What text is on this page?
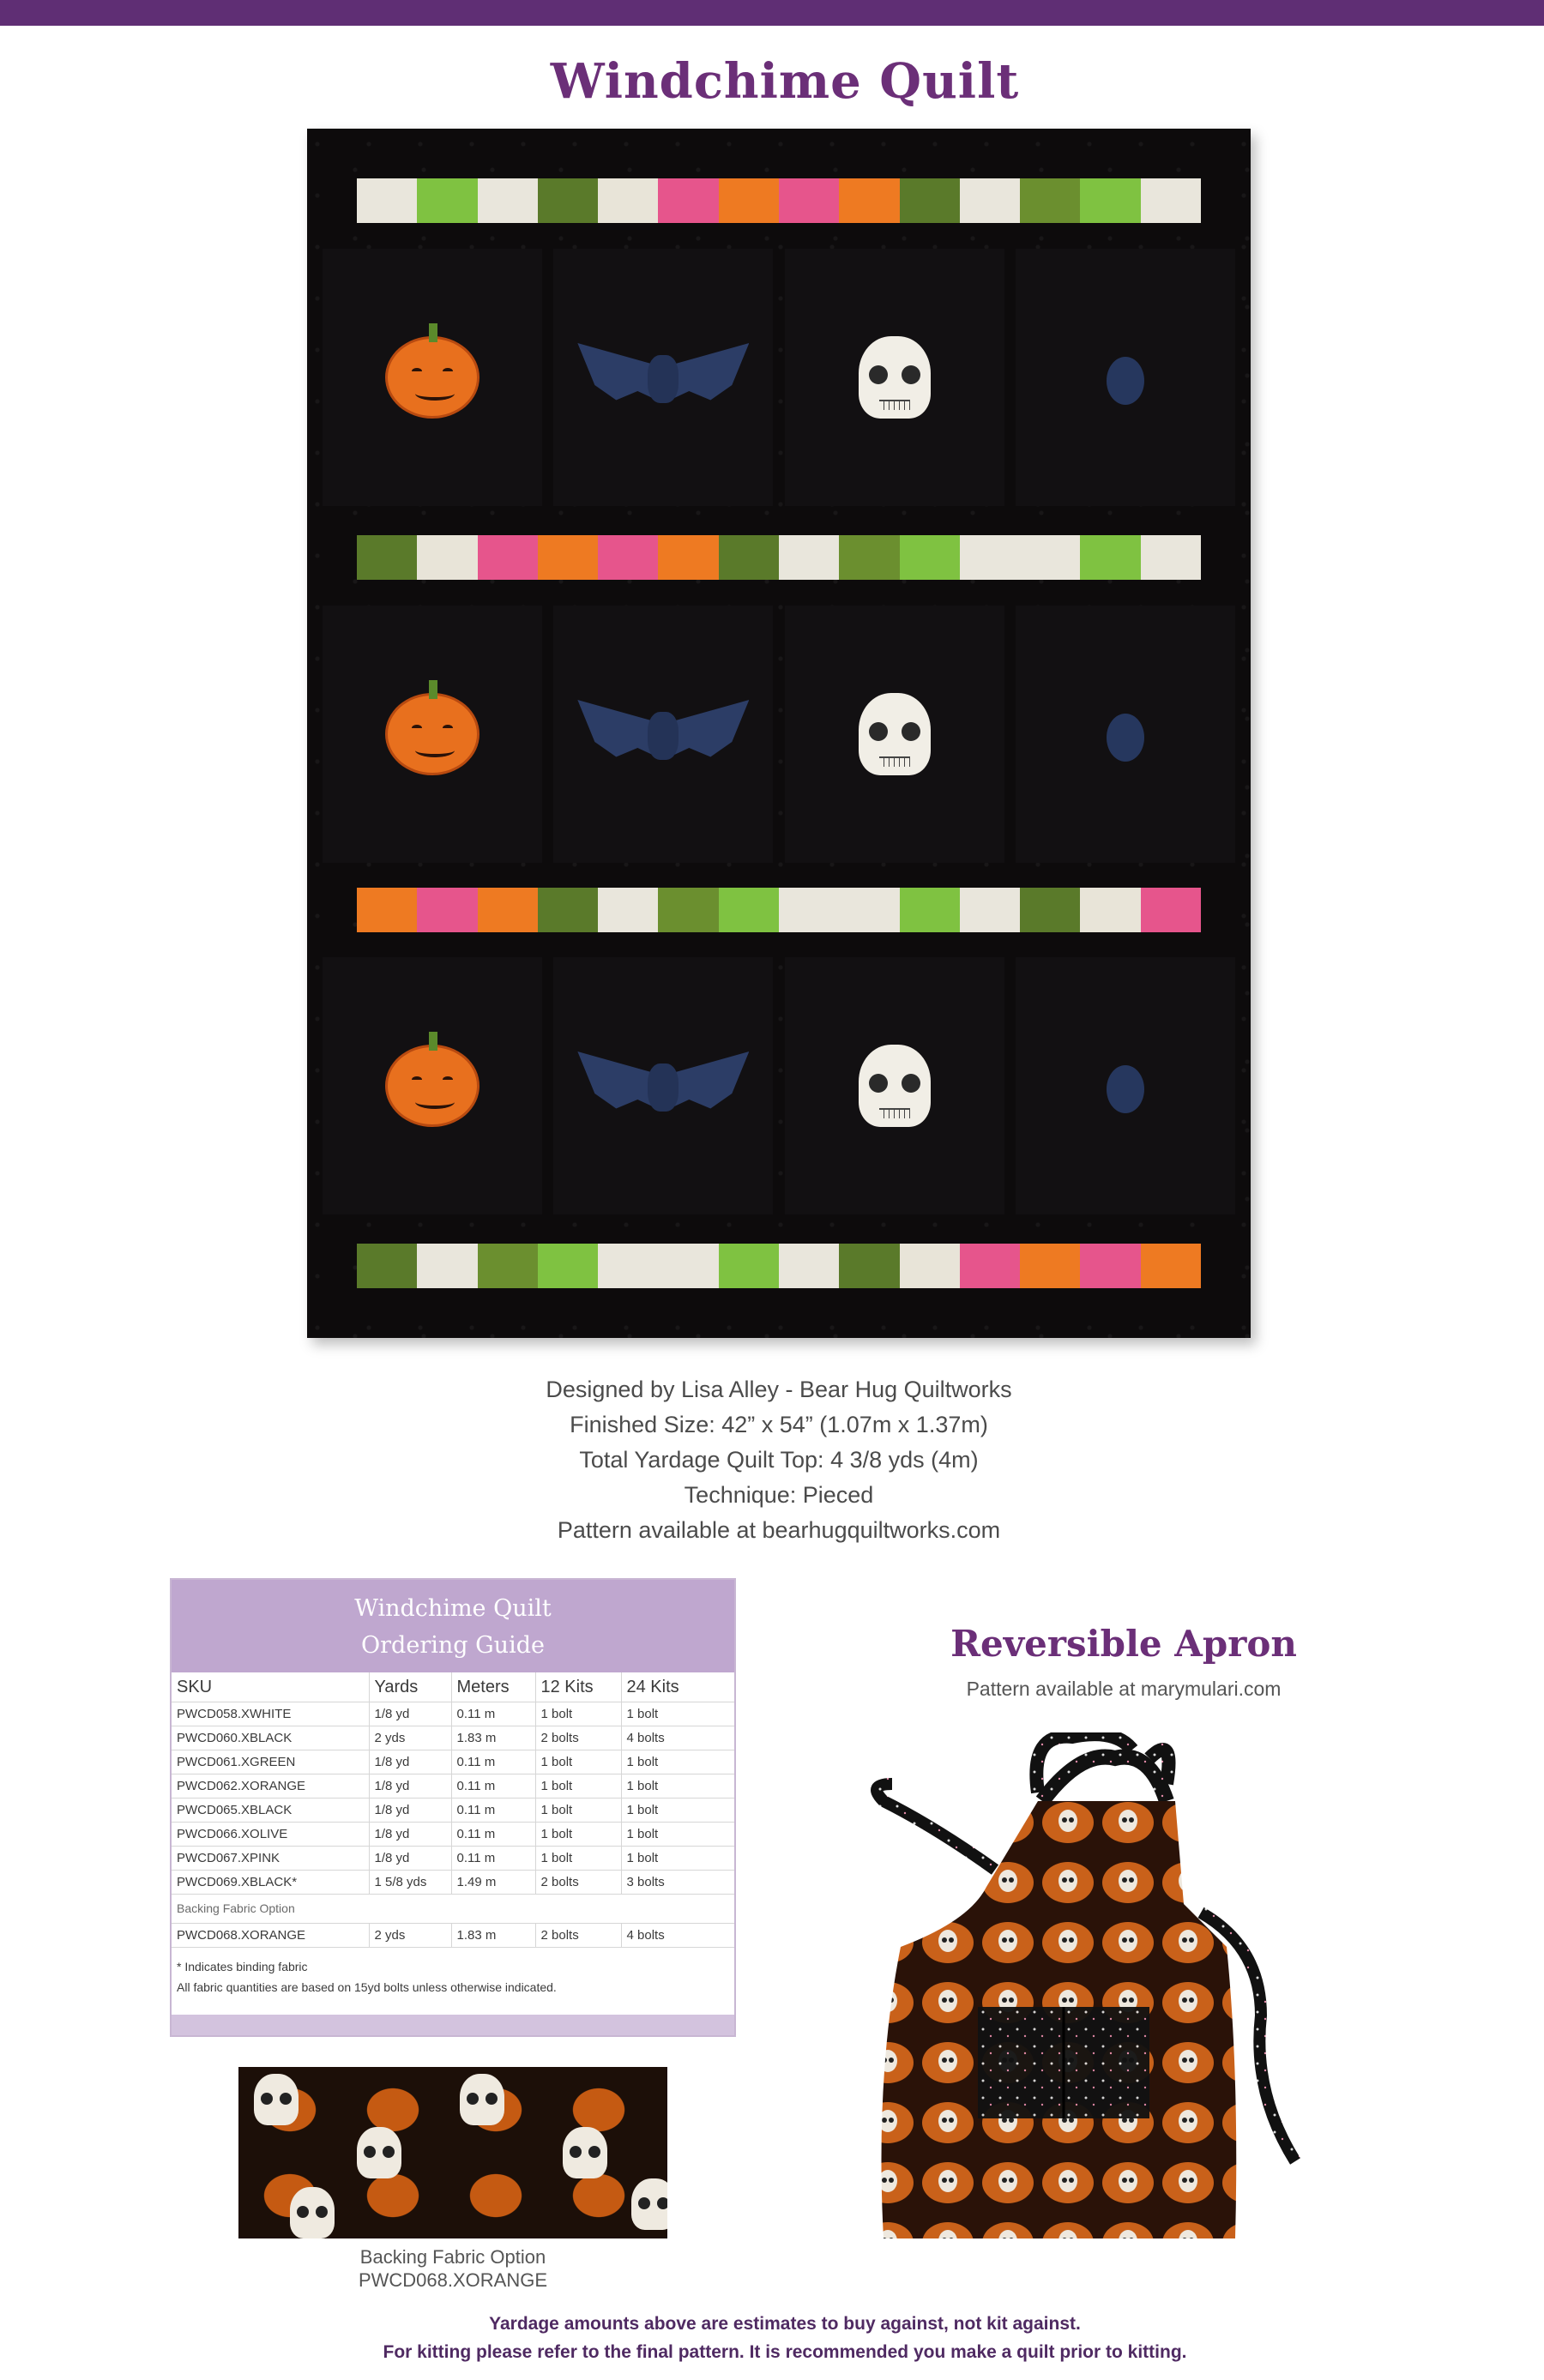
Windchime Quilt
Designed by Lisa Alley - Bear Hug Quiltworks
Finished Size: 42” x 54” (1.07m x 1.37m)
Total Yardage Quilt Top: 4 3/8 yds (4m)
Technique: Pieced
Pattern available at bearhugquiltworks.com
Windchime Quilt
Ordering Guide
SKU	Yards	Meters	12 Kits	24 Kits
PWCD058.XWHITE	1/8 yd	0.11 m	1 bolt	1 bolt
PWCD060.XBLACK	2 yds	1.83 m	2 bolts	4 bolts
PWCD061.XGREEN	1/8 yd	0.11 m	1 bolt	1 bolt
PWCD062.XORANGE	1/8 yd	0.11 m	1 bolt	1 bolt
PWCD065.XBLACK	1/8 yd	0.11 m	1 bolt	1 bolt
PWCD066.XOLIVE	1/8 yd	0.11 m	1 bolt	1 bolt
PWCD067.XPINK	1/8 yd	0.11 m	1 bolt	1 bolt
PWCD069.XBLACK*	1 5/8 yds	1.49 m	2 bolts	3 bolts
Backing Fabric Option				
PWCD068.XORANGE	2 yds	1.83 m	2 bolts	4 bolts
* Indicates binding fabric
All fabric quantities are based on 15yd bolts unless otherwise indicated.
Backing Fabric Option
PWCD068.XORANGE
Reversible Apron
Pattern available at marymulari.com
Yardage amounts above are estimates to buy against, not kit against.
For kitting please refer to the final pattern. It is recommended you make a quilt prior to kitting.
